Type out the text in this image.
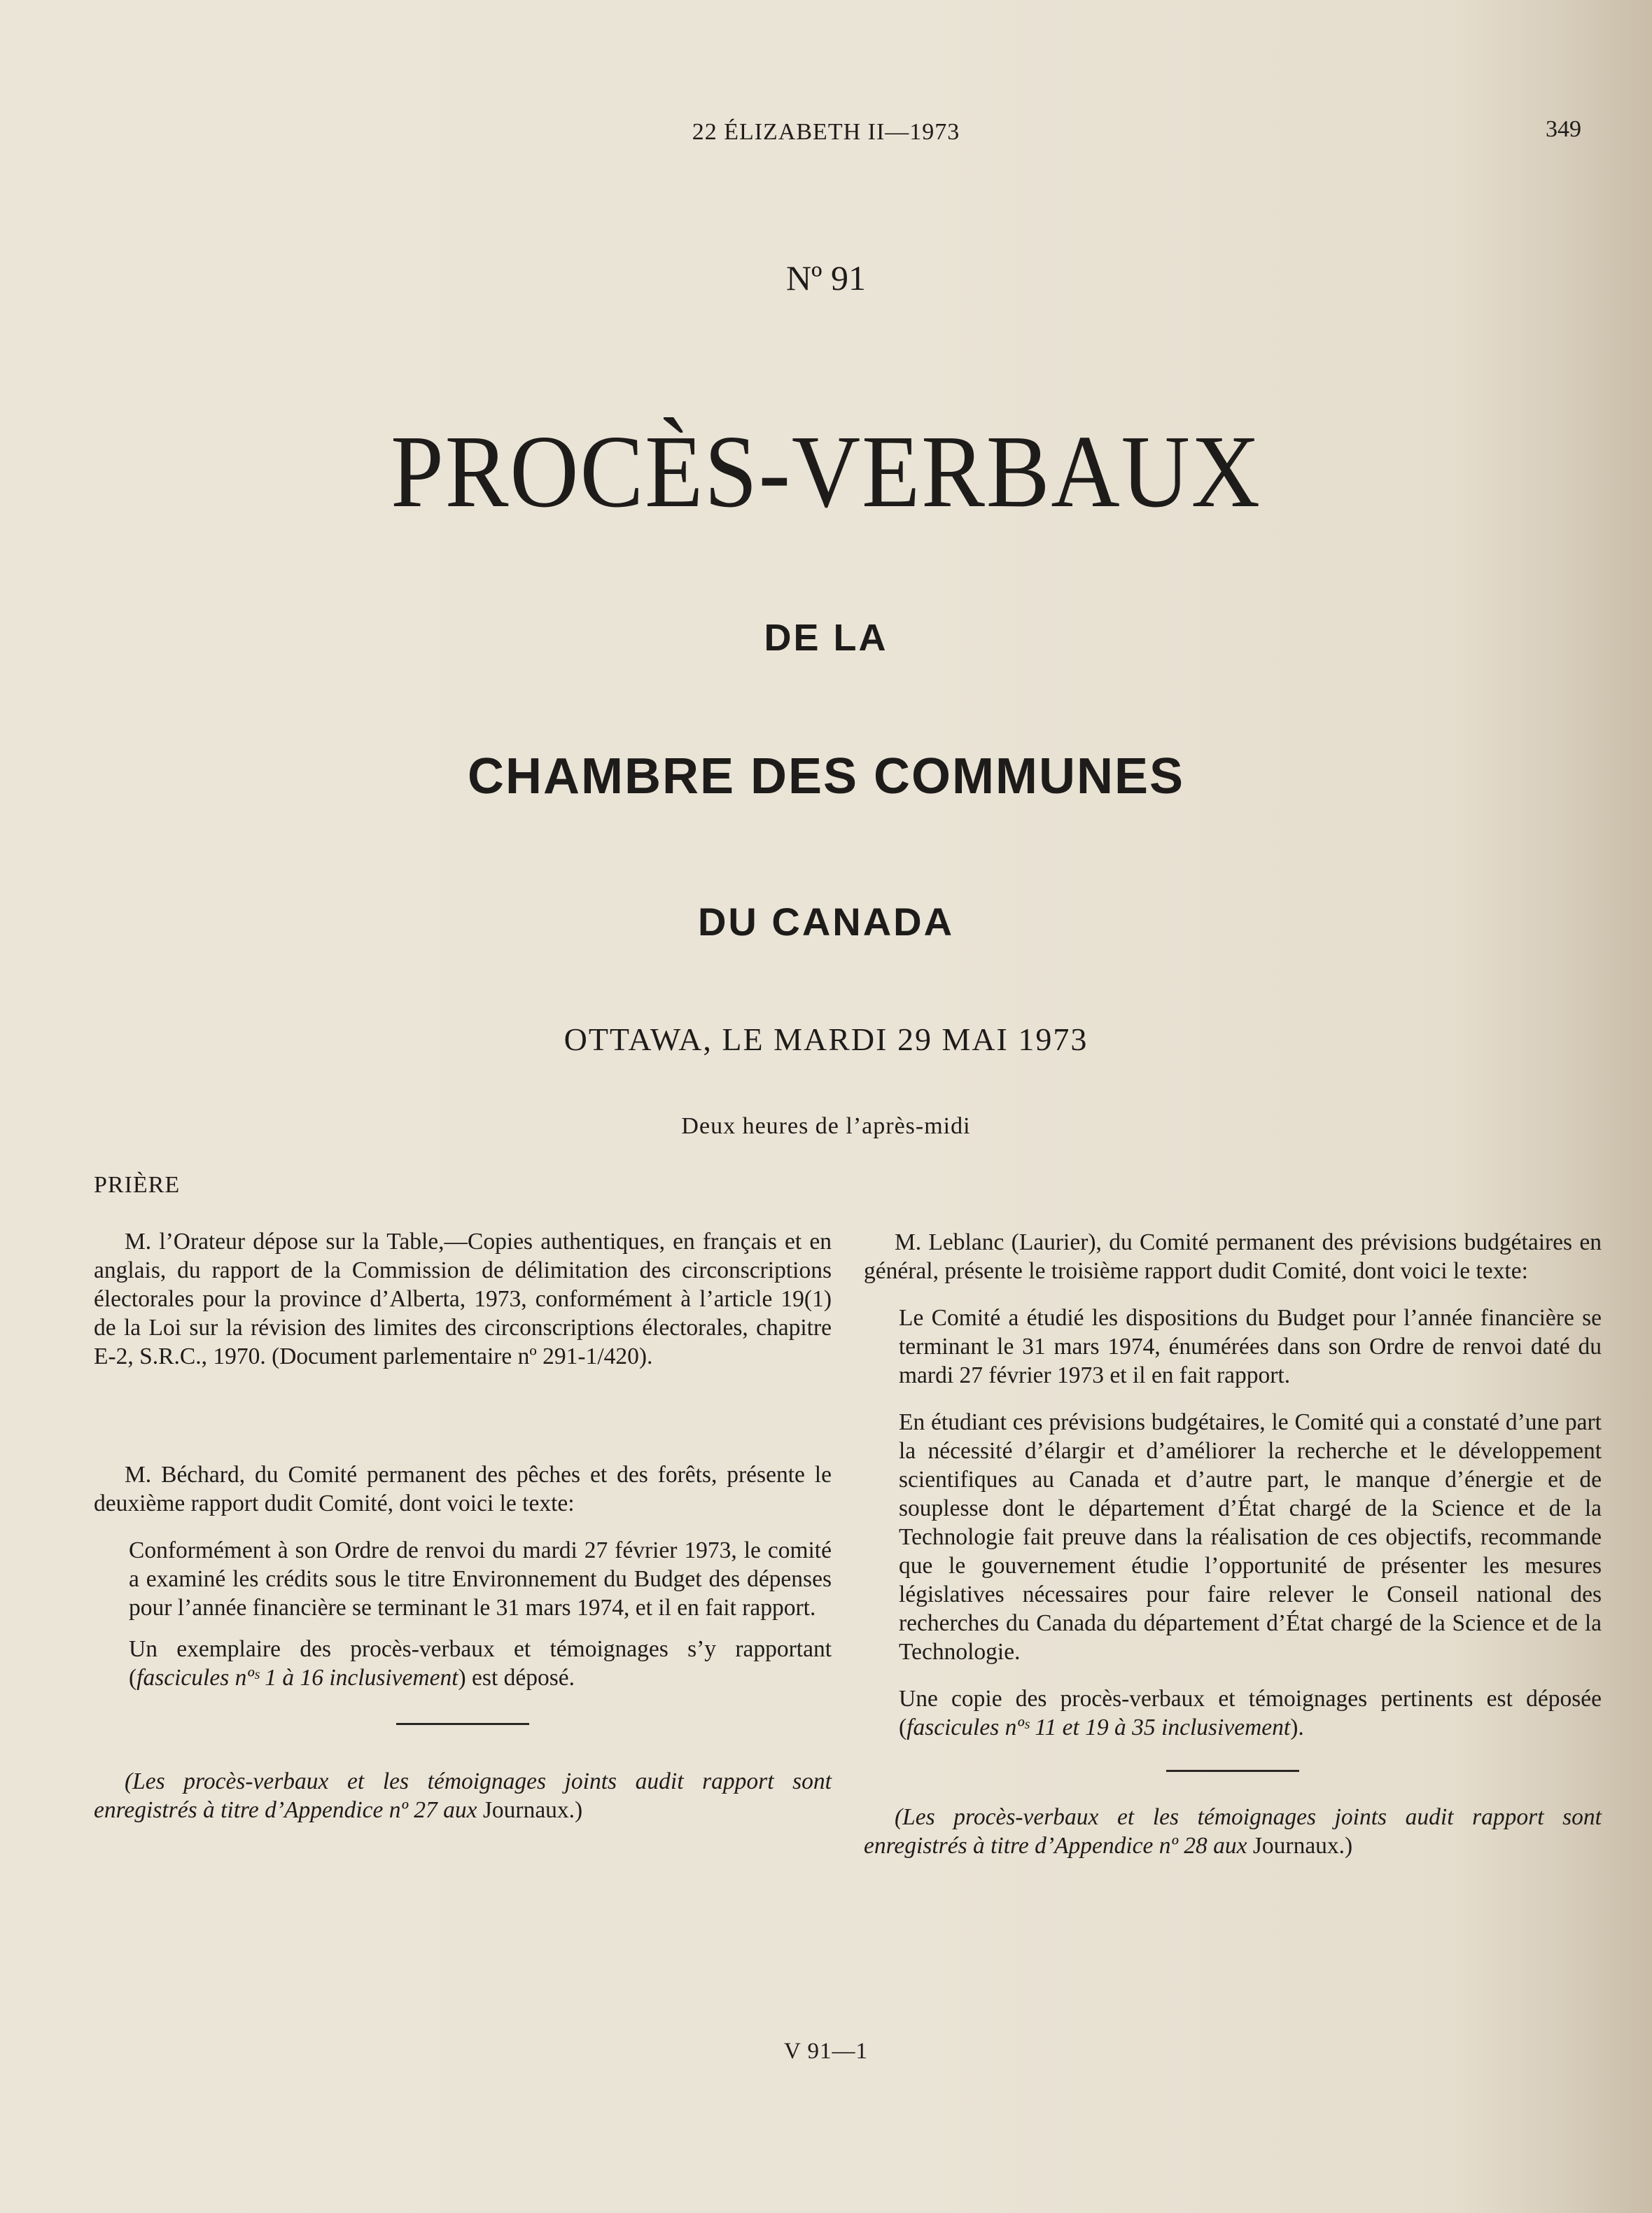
22 ÉLIZABETH II—1973	349
Nº 91
PROCÈS-VERBAUX
DE LA
CHAMBRE DES COMMUNES
DU CANADA
OTTAWA, LE MARDI 29 MAI 1973
Deux heures de l’après-midi

PRIÈRE

M. l’Orateur dépose sur la Table,—Copies authentiques, en français et en anglais, du rapport de la Commission de délimitation des circonscriptions électorales pour la province d’Alberta, 1973, conformément à l’article 19(1) de la Loi sur la révision des limites des circonscriptions électorales, chapitre E-2, S.R.C., 1970. (Document parlementaire nº 291-1/420).

M. Béchard, du Comité permanent des pêches et des forêts, présente le deuxième rapport dudit Comité, dont voici le texte:

Conformément à son Ordre de renvoi du mardi 27 février 1973, le comité a examiné les crédits sous le titre Environnement du Budget des dépenses pour l’année financière se terminant le 31 mars 1974, et il en fait rapport.

Un exemplaire des procès-verbaux et témoignages s’y rapportant (fascicules nºˢ 1 à 16 inclusivement) est déposé.

(Les procès-verbaux et les témoignages joints audit rapport sont enregistrés à titre d’Appendice nº 27 aux Journaux.)

M. Leblanc (Laurier), du Comité permanent des prévisions budgétaires en général, présente le troisième rapport dudit Comité, dont voici le texte:

Le Comité a étudié les dispositions du Budget pour l’année financière se terminant le 31 mars 1974, énumérées dans son Ordre de renvoi daté du mardi 27 février 1973 et il en fait rapport.

En étudiant ces prévisions budgétaires, le Comité qui a constaté d’une part la nécessité d’élargir et d’améliorer la recherche et le développement scientifiques au Canada et d’autre part, le manque d’énergie et de souplesse dont le département d’État chargé de la Science et de la Technologie fait preuve dans la réalisation de ces objectifs, recommande que le gouvernement étudie l’opportunité de présenter les mesures législatives nécessaires pour faire relever le Conseil national des recherches du Canada du département d’État chargé de la Science et de la Technologie.

Une copie des procès-verbaux et témoignages pertinents est déposée (fascicules nºˢ 11 et 19 à 35 inclusivement).

(Les procès-verbaux et les témoignages joints audit rapport sont enregistrés à titre d’Appendice nº 28 aux Journaux.)

V 91—1
